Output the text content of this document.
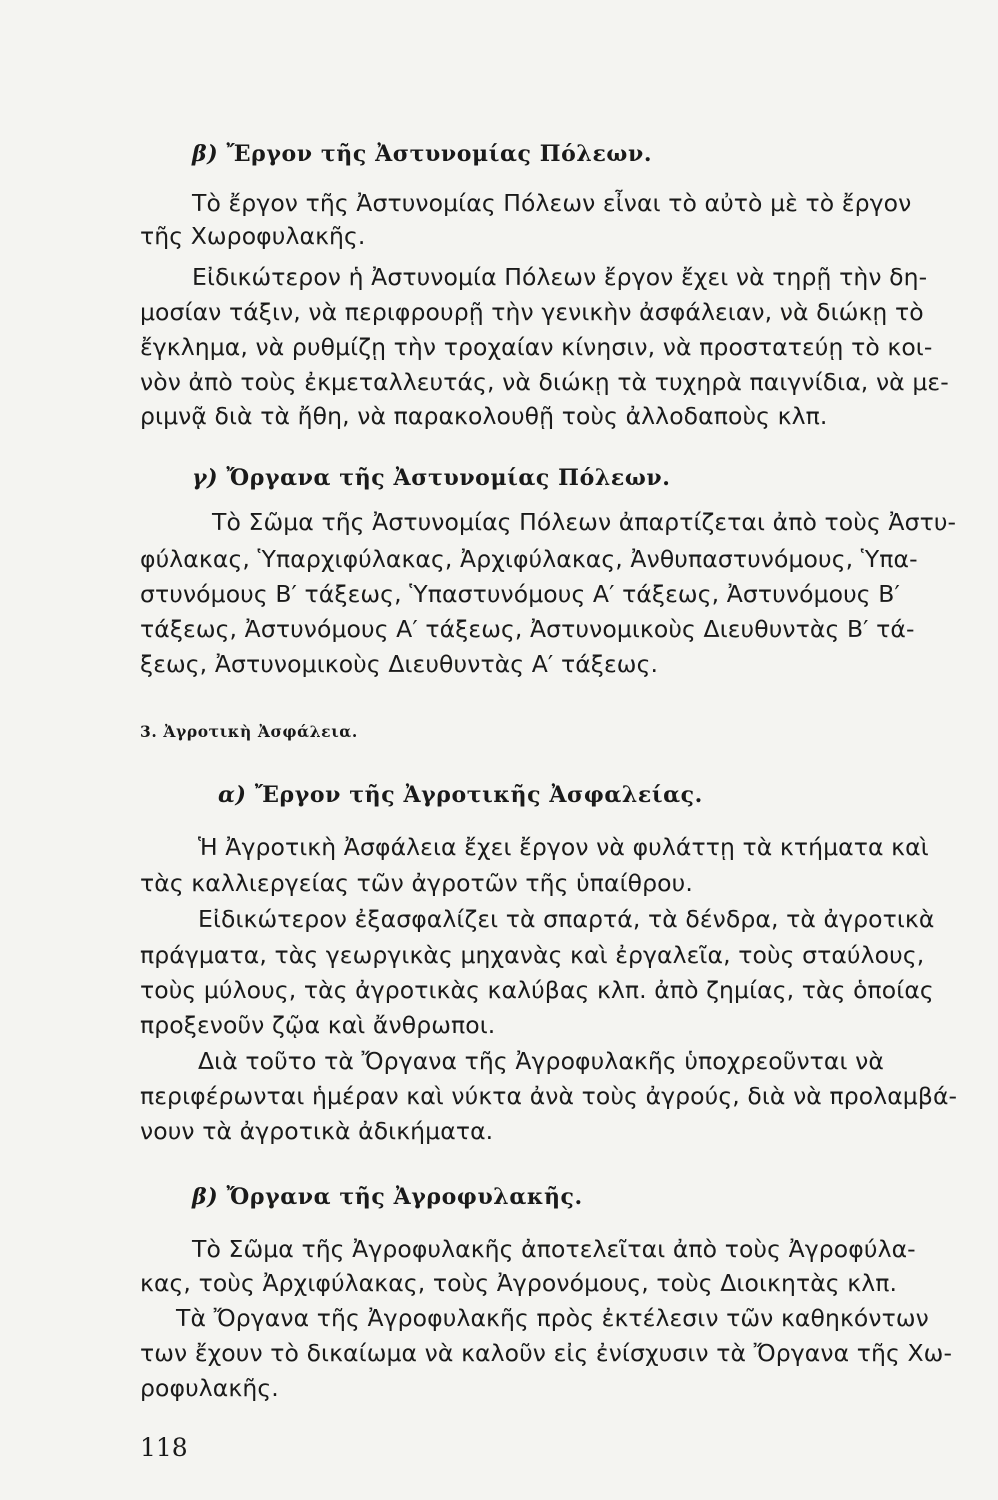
β) Ἔργον τῆς Ἀστυνομίας Πόλεων.
Τὸ ἔργον τῆς Ἀστυνομίας Πόλεων εἶναι τὸ αὐτὸ μὲ τὸ ἔργον
τῆς Χωροφυλακῆς.
Εἰδικώτερον ἡ Ἀστυνομία Πόλεων ἔργον ἔχει νὰ τηρῇ τὴν δη-
μοσίαν τάξιν, νὰ περιφρουρῇ τὴν γενικὴν ἀσφάλειαν, νὰ διώκῃ τὸ
ἔγκλημα, νὰ ρυθμίζῃ τὴν τροχαίαν κίνησιν, νὰ προστατεύῃ τὸ κοι-
νὸν ἀπὸ τοὺς ἐκμεταλλευτάς, νὰ διώκῃ τὰ τυχηρὰ παιγνίδια, νὰ με-
ριμνᾷ διὰ τὰ ἤθη, νὰ παρακολουθῇ τοὺς ἀλλοδαποὺς κλπ.
γ) Ὄργανα τῆς Ἀστυνομίας Πόλεων.
Τὸ Σῶμα τῆς Ἀστυνομίας Πόλεων ἀπαρτίζεται ἀπὸ τοὺς Ἀστυ-
φύλακας, Ὑπαρχιφύλακας, Ἀρχιφύλακας, Ἀνθυπαστυνόμους, Ὑπα-
στυνόμους Β′ τάξεως, Ὑπαστυνόμους Α′ τάξεως, Ἀστυνόμους Β′
τάξεως, Ἀστυνόμους Α′ τάξεως, Ἀστυνομικοὺς Διευθυντὰς Β′ τά-
ξεως, Ἀστυνομικοὺς Διευθυντὰς Α′ τάξεως.
3. Ἀγροτικὴ Ἀσφάλεια.
α) Ἔργον τῆς Ἀγροτικῆς Ἀσφαλείας.
Ἡ Ἀγροτικὴ Ἀσφάλεια ἔχει ἔργον νὰ φυλάττῃ τὰ κτήματα καὶ
τὰς καλλιεργείας τῶν ἀγροτῶν τῆς ὑπαίθρου.
Εἰδικώτερον ἐξασφαλίζει τὰ σπαρτά, τὰ δένδρα, τὰ ἀγροτικὰ
πράγματα, τὰς γεωργικὰς μηχανὰς καὶ ἐργαλεῖα, τοὺς σταύλους,
τοὺς μύλους, τὰς ἀγροτικὰς καλύβας κλπ. ἀπὸ ζημίας, τὰς ὁποίας
προξενοῦν ζῷα καὶ ἄνθρωποι.
Διὰ τοῦτο τὰ Ὄργανα τῆς Ἀγροφυλακῆς ὑποχρεοῦνται νὰ
περιφέρωνται ἡμέραν καὶ νύκτα ἀνὰ τοὺς ἀγρούς, διὰ νὰ προλαμβά-
νουν τὰ ἀγροτικὰ ἀδικήματα.
β) Ὄργανα τῆς Ἀγροφυλακῆς.
Τὸ Σῶμα τῆς Ἀγροφυλακῆς ἀποτελεῖται ἀπὸ τοὺς Ἀγροφύλα-
κας, τοὺς Ἀρχιφύλακας, τοὺς Ἀγρονόμους, τοὺς Διοικητὰς κλπ.
Τὰ Ὄργανα τῆς Ἀγροφυλακῆς πρὸς ἐκτέλεσιν τῶν καθηκόντων
των ἔχουν τὸ δικαίωμα νὰ καλοῦν εἰς ἐνίσχυσιν τὰ Ὄργανα τῆς Χω-
ροφυλακῆς.
118
